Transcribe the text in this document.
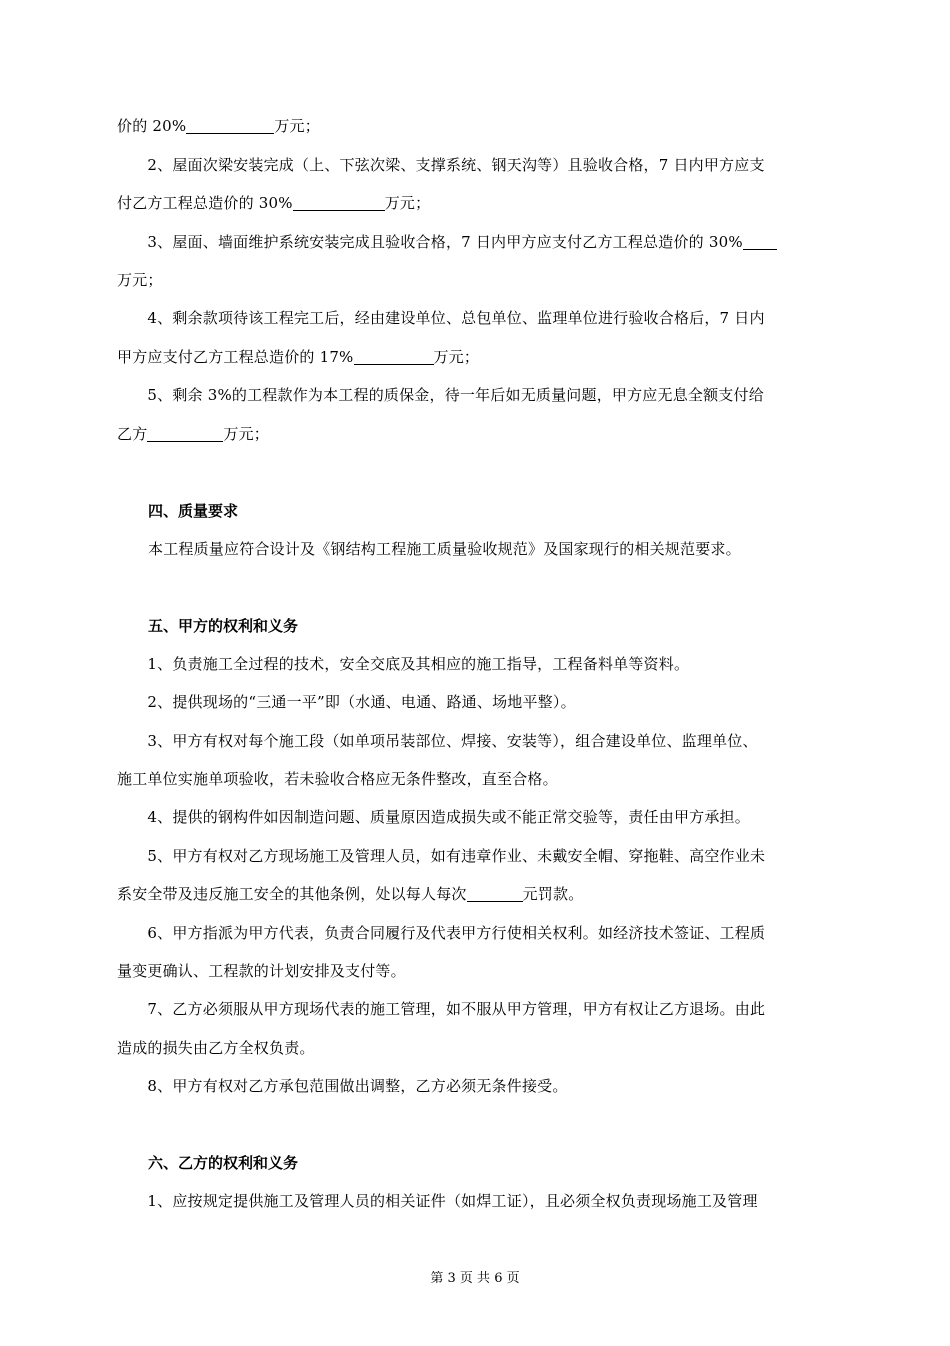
价的 20%	万元；
　　2、屋面次梁安装完成（上、下弦次梁、支撑系统、钢天沟等）且验收合格，7 日内甲方应支
付乙方工程总造价的 30%	万元；
　　3、屋面、墙面维护系统安装完成且验收合格，7 日内甲方应支付乙方工程总造价的 30%
万元；
　　4、剩余款项待该工程完工后，经由建设单位、总包单位、监理单位进行验收合格后，7 日内
甲方应支付乙方工程总造价的 17%	万元；
　　5、剩余 3%的工程款作为本工程的质保金，待一年后如无质量问题，甲方应无息全额支付给
乙方	万元；
四、质量要求
本工程质量应符合设计及《钢结构工程施工质量验收规范》及国家现行的相关规范要求。
五、甲方的权利和义务
　　1、负责施工全过程的技术，安全交底及其相应的施工指导，工程备料单等资料。
　　2、提供现场的“三通一平”即（水通、电通、路通、场地平整）。
　　3、甲方有权对每个施工段（如单项吊装部位、焊接、安装等），组合建设单位、监理单位、
施工单位实施单项验收，若未验收合格应无条件整改，直至合格。
　　4、提供的钢构件如因制造问题、质量原因造成损失或不能正常交验等，责任由甲方承担。
　　5、甲方有权对乙方现场施工及管理人员，如有违章作业、未戴安全帽、穿拖鞋、高空作业未
系安全带及违反施工安全的其他条例，处以每人每次	元罚款。
　　6、甲方指派为甲方代表，负责合同履行及代表甲方行使相关权利。如经济技术签证、工程质
量变更确认、工程款的计划安排及支付等。
　　7、乙方必须服从甲方现场代表的施工管理，如不服从甲方管理，甲方有权让乙方退场。由此
造成的损失由乙方全权负责。
　　8、甲方有权对乙方承包范围做出调整，乙方必须无条件接受。
六、乙方的权利和义务
　　1、应按规定提供施工及管理人员的相关证件（如焊工证），且必须全权负责现场施工及管理
第 3 页 共 6 页
